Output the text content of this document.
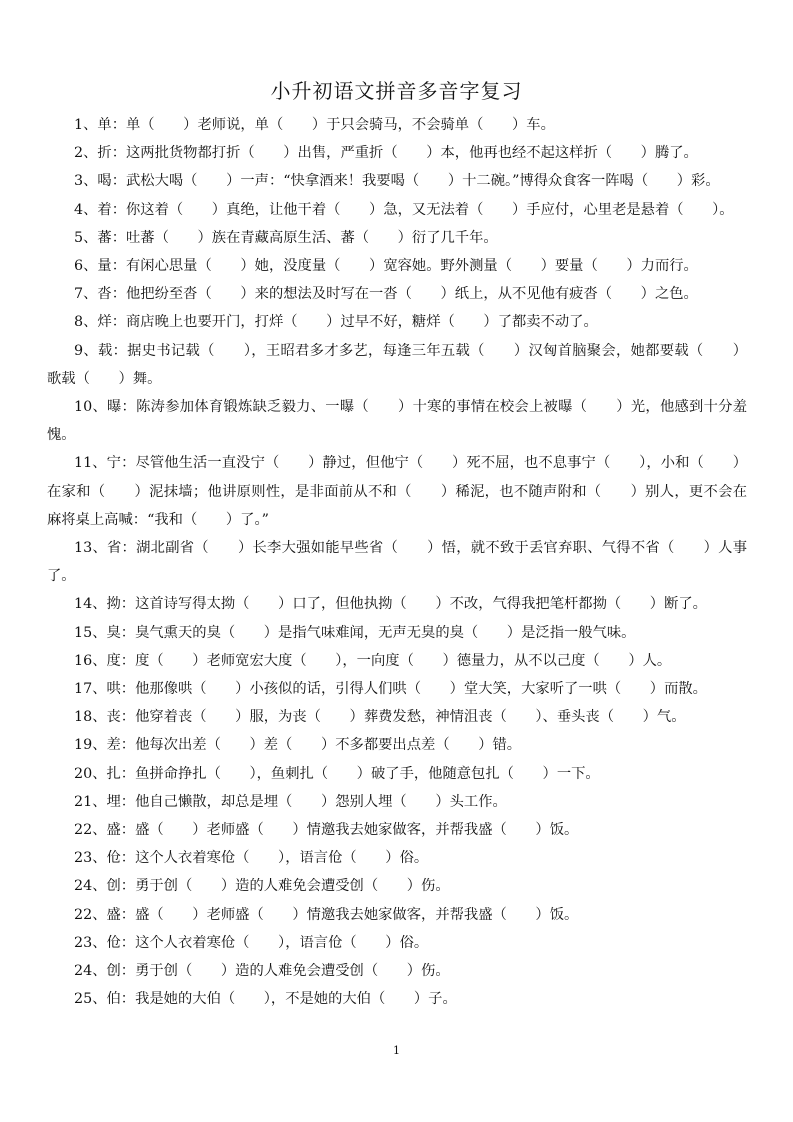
小升初语文拼音多音字复习

1、单：单（　　）老师说，单（　　）于只会骑马，不会骑单（　　）车。

2、折：这两批货物都打折（　　）出售，严重折（　　）本，他再也经不起这样折（　　）腾了。

3、喝：武松大喝（　　）一声：“快拿酒来！我要喝（　　）十二碗。”博得众食客一阵喝（　　）彩。

4、着：你这着（　　）真绝，让他干着（　　）急，又无法着（　　）手应付，心里老是悬着（　　）。

5、蕃：吐蕃（　　）族在青藏高原生活、蕃（　　）衍了几千年。

6、量：有闲心思量（　　）她，没度量（　　）宽容她。野外测量（　　）要量（　　）力而行。

7、沓：他把纷至沓（　　）来的想法及时写在一沓（　　）纸上，从不见他有疲沓（　　）之色。

8、烊：商店晚上也要开门，打烊（　　）过早不好，糖烊（　　）了都卖不动了。

9、载：据史书记载（　　），王昭君多才多艺，每逢三年五载（　　）汉匈首脑聚会，她都要载（　　）歌载（　　）舞。

10、曝：陈涛参加体育锻炼缺乏毅力、一曝（　　）十寒的事情在校会上被曝（　　）光，他感到十分羞愧。

11、宁：尽管他生活一直没宁（　　）静过，但他宁（　　）死不屈，也不息事宁（　　），小和（　　）在家和（　　）泥抹墙；他讲原则性，是非面前从不和（　　）稀泥，也不随声附和（　　）别人，更不会在麻将桌上高喊：“我和（　　）了。”

13、省：湖北副省（　　）长李大强如能早些省（　　）悟，就不致于丢官弃职、气得不省（　　）人事了。

14、拗：这首诗写得太拗（　　）口了，但他执拗（　　）不改，气得我把笔杆都拗（　　）断了。

15、臭：臭气熏天的臭（　　）是指气味难闻，无声无臭的臭（　　）是泛指一般气味。

16、度：度（　　）老师宽宏大度（　　），一向度（　　）德量力，从不以己度（　　）人。

17、哄：他那像哄（　　）小孩似的话，引得人们哄（　　）堂大笑，大家听了一哄（　　）而散。

18、丧：他穿着丧（　　）服，为丧（　　）葬费发愁，神情沮丧（　　）、垂头丧（　　）气。

19、差：他每次出差（　　）差（　　）不多都要出点差（　　）错。

20、扎：鱼拼命挣扎（　　），鱼刺扎（　　）破了手，他随意包扎（　　）一下。

21、埋：他自己懒散，却总是埋（　　）怨别人埋（　　）头工作。

22、盛：盛（　　）老师盛（　　）情邀我去她家做客，并帮我盛（　　）饭。

23、伧：这个人衣着寒伧（　　），语言伧（　　）俗。

24、创：勇于创（　　）造的人难免会遭受创（　　）伤。

22、盛：盛（　　）老师盛（　　）情邀我去她家做客，并帮我盛（　　）饭。

23、伧：这个人衣着寒伧（　　），语言伧（　　）俗。

24、创：勇于创（　　）造的人难免会遭受创（　　）伤。

25、伯：我是她的大伯（　　），不是她的大伯（　　）子。

1
